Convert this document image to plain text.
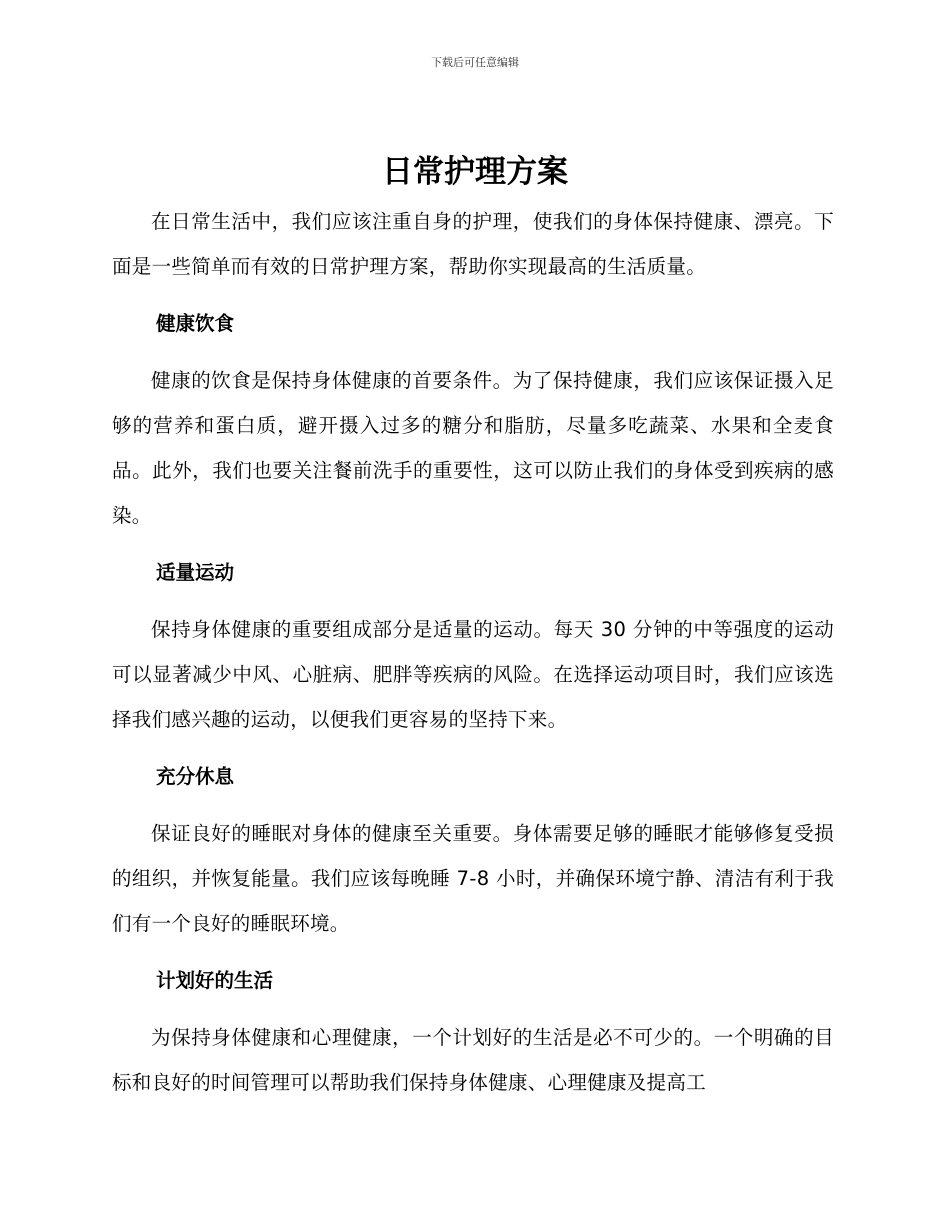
下载后可任意编辑
日常护理方案

在日常生活中，我们应该注重自身的护理，使我们的身体保持健康、漂亮。下面是一些简单而有效的日常护理方案，帮助你实现最高的生活质量。

健康饮食

健康的饮食是保持身体健康的首要条件。为了保持健康，我们应该保证摄入足够的营养和蛋白质，避开摄入过多的糖分和脂肪，尽量多吃蔬菜、水果和全麦食品。此外，我们也要关注餐前洗手的重要性，这可以防止我们的身体受到疾病的感染。

适量运动

保持身体健康的重要组成部分是适量的运动。每天 30 分钟的中等强度的运动可以显著减少中风、心脏病、肥胖等疾病的风险。在选择运动项目时，我们应该选择我们感兴趣的运动，以便我们更容易的坚持下来。

充分休息

保证良好的睡眠对身体的健康至关重要。身体需要足够的睡眠才能够修复受损的组织，并恢复能量。我们应该每晚睡 7-8 小时，并确保环境宁静、清洁有利于我们有一个良好的睡眠环境。

计划好的生活

为保持身体健康和心理健康，一个计划好的生活是必不可少的。一个明确的目标和良好的时间管理可以帮助我们保持身体健康、心理健康及提高工
